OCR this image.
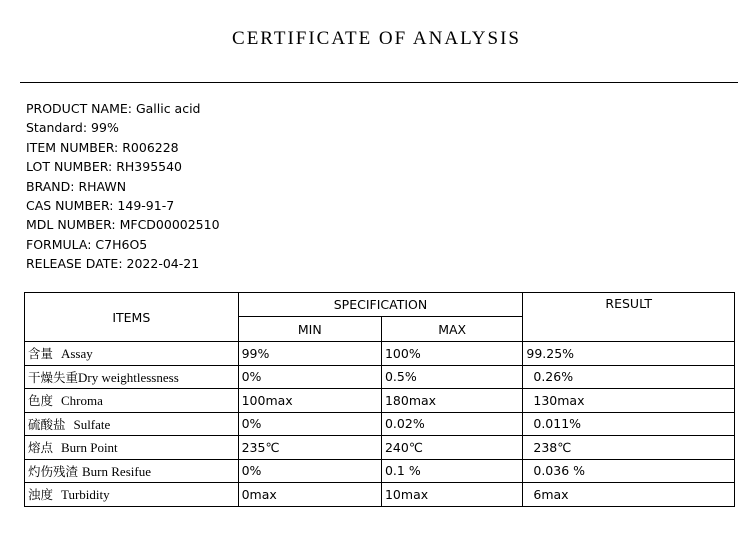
CERTIFICATE OF ANALYSIS
PRODUCT NAME: Gallic acid
Standard: 99%
ITEM NUMBER: R006228
LOT NUMBER: RH395540
BRAND: RHAWN
CAS NUMBER: 149-91-7
MDL NUMBER: MFCD00002510
FORMULA: C7H6O5
RELEASE DATE: 2022-04-21
ITEMS	SPECIFICATION		RESULT
	MIN	MAX	
含量 Assay	99%	100%	99.25%
干燥失重Dry weightlessness	0%	0.5%	0.26%
色度 Chroma	100max	180max	130max
硫酸盐 Sulfate	0%	0.02%	0.011%
熔点 Burn Point	235℃	240℃	238℃
灼伤残渣 Burn Resifue	0%	0.1 %	0.036 %
浊度 Turbidity	0max	10max	6max
